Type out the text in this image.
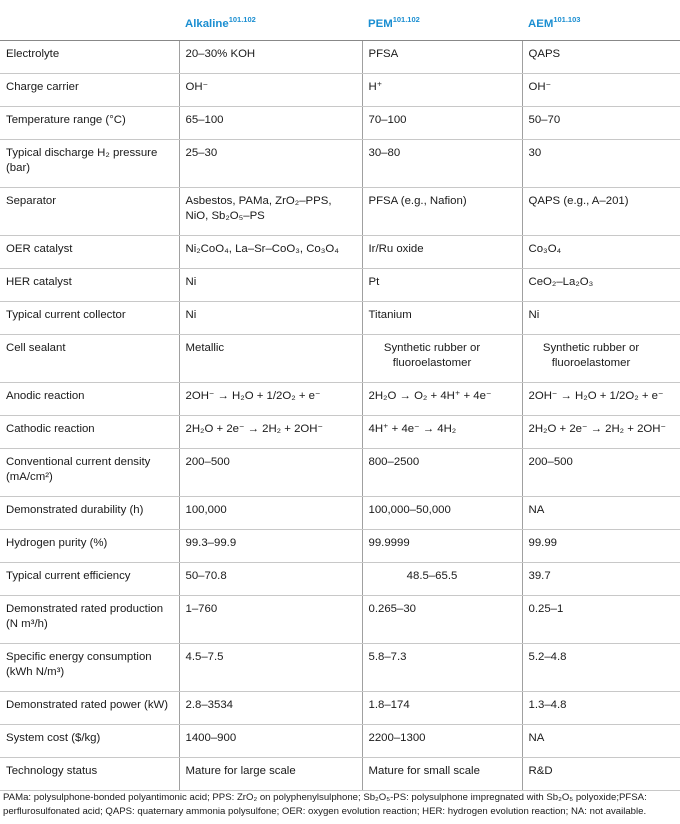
	Alkaline$^{101.102}$	$PEM^{101.102}$	$AEM^{101.103}$

Electrolyte	20–30% KOH	PFSA	QAPS

Charge carrier	OH⁻	H⁺	OH⁻

Temperature range (°C)	65–100	70–100	50–70

Typical discharge H₂ pressure (bar)	25–30	30–80	30

Separator	Asbestos, PAMa, ZrO₂–PPS, NiO, Sb₂O₅–PS	PFSA (e.g., Nafion)	QAPS (e.g., A–201)

OER catalyst	Ni₂CoO₄, La–Sr–CoO₃, Co₃O₄	Ir/Ru oxide	Co₃O₄

HER catalyst	Ni	Pt	CeO₂–La₂O₃

Typical current collector	Ni	Titanium	Ni

Cell sealant	Metallic	Synthetic rubber or fluoroelastomer	Synthetic rubber or fluoroelastomer

Anodic reaction	2OH⁻ → H₂O + 1/2O₂ + e⁻	2H₂O → O₂ + 4H⁺ + 4e⁻	2OH⁻ → H₂O + 1/2O₂ + e⁻

Cathodic reaction	2H₂O + 2e⁻ → 2H₂ + 2OH⁻	4H⁺ + 4e⁻ → 4H₂	2H₂O + 2e⁻ → 2H₂ + 2OH⁻

Conventional current density (mA/cm²)	200–500	800–2500	200–500

Demonstrated durability (h)	100,000	100,000–50,000	NA

Hydrogen purity (%)	99.3–99.9	99.9999	99.99

Typical current efficiency	50–70.8	48.5–65.5	39.7

Demonstrated rated production (N m³/h)	1–760	0.265–30	0.25–1

Specific energy consumption (kWh N/m³)	4.5–7.5	5.8–7.3	5.2–4.8

Demonstrated rated power (kW)	2.8–3534	1.8–174	1.3–4.8

System cost ($/kg)	1400–900	2200–1300	NA

Technology status	Mature for large scale	Mature for small scale	R&D
PAMa: polysulphone-bonded polyantimonic acid; PPS: ZrO₂ on polyphenylsulphone; Sb₂O₅-PS: polysulphone impregnated with Sb₂O₅ polyoxide;PFSA: perflurosulfonated acid; QAPS: quaternary ammonia polysulfone; OER: oxygen evolution reaction; HER: hydrogen evolution reaction; NA: not available.
